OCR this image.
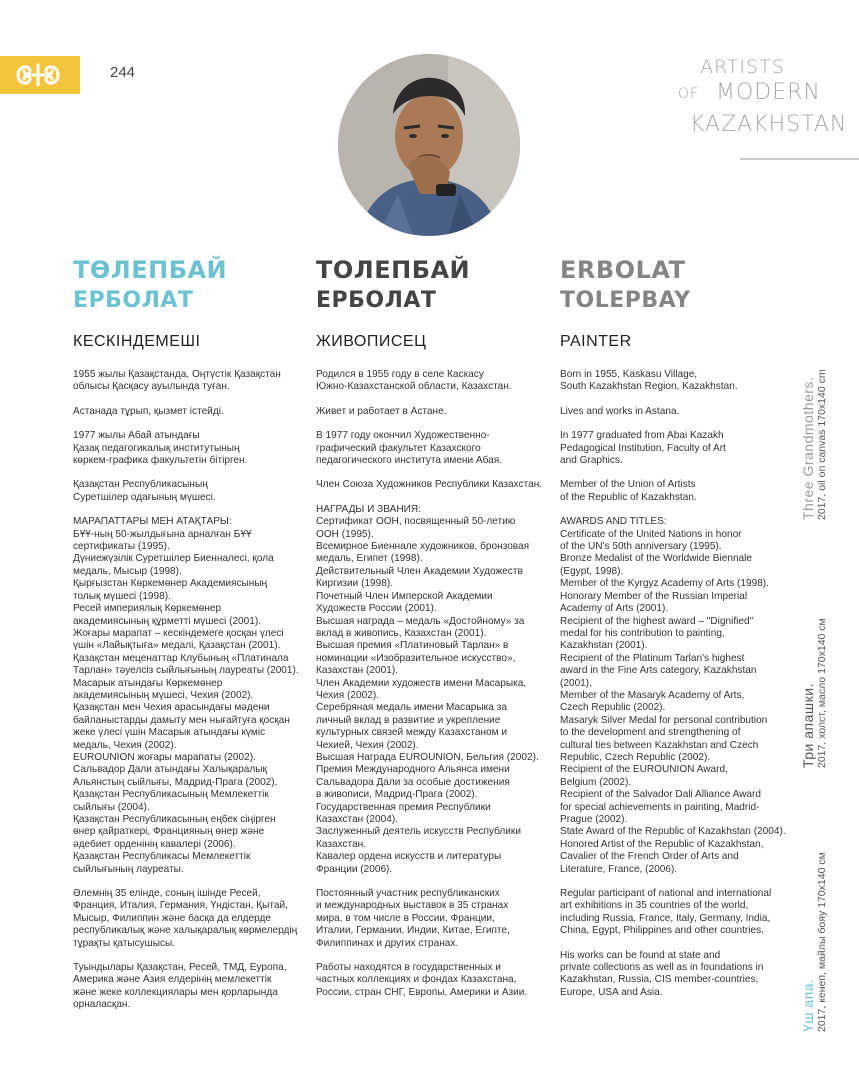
244	ARTISTS
OF MODERN
KAZAKHSTAN
ТӨЛЕПБАЙ
ЕРБОЛАТ
КЕСКІНДЕМЕШІ
ТОЛЕПБАЙ
ЕРБОЛАТ
ЖИВОПИСЕЦ
ERBOLAT
TOLEPBAY
PAINTER

1955 жылы Қазақстанда, Оңтүстік Қазақстан
облысы Қасқасу ауылында туған.

Астанада тұрып, қызмет істейді.

1977 жылы Абай атындағы
Қазақ педагогикалық институтының
көркем-графика факультетін бітірген.

Қазақстан Республикасының
Суретшілер одағының мүшесі.

МАРАПАТТАРЫ МЕН АТАҚТАРЫ:
БҰҰ-ның 50-жылдығына арналған БҰҰ
сертификаты (1995).
Дүниежүзілік Суретшілер Биенналесі, қола
медаль, Мысыр (1998).
Қырғызстан Көркемөнер Академиясының
толық мүшесі (1998).
Ресей империялық Көркемөнер
академиясының құрметті мүшесі (2001).
Жоғары марапат – кескіндемеге қосқан үлесі
үшін «Лайықтыға» медалі, Қазақстан (2001).
Қазақстан меценаттар Клубының «Платинала
Тарлан» тәуелсіз сыйлығының лауреаты (2001).
Масарык атындағы Көркемөнер
академиясының мүшесі, Чехия (2002).
Қазақстан мен Чехия арасындағы мәдени
байланыстарды дамыту мен нығайтуға қосқан
жеке үлесі үшін Масарык атындағы күміс
медаль, Чехия (2002).
EUROUNION жоғары марапаты (2002).
Сальвадор Дали атындағы Халықаралық
Альянстың сыйлығы, Мадрид-Прага (2002).
Қазақстан Республикасының Мемлекеттік
сыйлығы (2004).
Қазақстан Республикасының еңбек сіңірген
өнер қайраткері, Францияның өнер және
әдебиет орденінің кавалері (2006).
Қазақстан Республикасы Мемлекеттік
сыйлығының лауреаты.

Әлемнің 35 елінде, соның ішінде Ресей,
Франция, Италия, Германия, Үндістан, Қытай,
Мысыр, Филиппин және басқа да елдерде
республикалық және халықаралық көрмелердің
тұрақты қатысушысы.

Туындылары Қазақстан, Ресей, ТМД, Еуропа,
Америка және Азия елдерінің мемлекеттік
және жеке коллекциялары мен қорларында
орналасқан.

Родился в 1955 году в селе Каскасу
Южно-Казахстанской области, Казахстан.

Живет и работает в Астане.

В 1977 году окончил Художественно-
графический факультет Казахского
педагогического института имени Абая.

Член Союза Художников Республики Казахстан.

НАГРАДЫ И ЗВАНИЯ:
Сертификат ООН, посвященный 50-летию
ООН (1995).
Всемирное Биеннале художников, бронзовая
медаль, Египет (1998).
Действительный Член Академии Художеств
Киргизии (1998).
Почетный Член Имперской Академии
Художеств России (2001).
Высшая награда – медаль «Достойному» за
вклад в живопись, Казахстан (2001).
Высшая премия «Платиновый Тарлан» в
номинации «Изобразительное искусство»,
Казахстан (2001).
Член Академии художеств имени Масарыка,
Чехия (2002).
Серебряная медаль имени Масарыка за
личный вклад в развитие и укрепление
культурных связей между Казахстаном и
Чехией, Чехия (2002).
Высшая Награда EUROUNION, Бельгия (2002).
Премия Международного Альянса имени
Сальвадора Дали за особые достижения
в живописи, Мадрид-Прага (2002).
Государственная премия Республики
Казахстан (2004).
Заслуженный деятель искусств Республики
Казахстан.
Кавалер ордена искусств и литературы
Франции (2006).

Постоянный участник республиканских
и международных выставок в 35 странах
мира, в том числе в России, Франции,
Италии, Германии, Индии, Китае, Египте,
Филиппинах и других странах.

Работы находятся в государственных и
частных коллекциях и фондах Казахстана,
России, стран СНГ, Европы, Америки и Азии.

Born in 1955, Kaskasu Village,
South Kazakhstan Region, Kazakhstan.

Lives and works in Astana.

In 1977 graduated from Abai Kazakh
Pedagogical Institution, Faculty of Art
and Graphics.

Member of the Union of Artists
of the Republic of Kazakhstan.

AWARDS AND TITLES:
Certificate of the United Nations in honor
of the UN's 50th anniversary (1995).
Bronze Medalist of the Worldwide Biennale
(Egypt, 1998).
Member of the Kyrgyz Academy of Arts (1998).
Honorary Member of the Russian Imperial
Academy of Arts (2001).
Recipient of the highest award – "Dignified"
medal for his contribution to painting,
Kazakhstan (2001).
Recipient of the Platinum Tarlan's highest
award in the Fine Arts category, Kazakhstan
(2001).
Member of the Masaryk Academy of Arts,
Czech Republic (2002).
Masaryk Silver Medal for personal contribution
to the development and strengthening of
cultural ties between Kazakhstan and Czech
Republic, Czech Republic (2002).
Recipient of the EUROUNION Award,
Belgium (2002).
Recipient of the Salvador Dali Alliance Award
for special achievements in painting, Madrid-
Prague (2002).
State Award of the Republic of Kazakhstan (2004).
Honored Artist of the Republic of Kazakhstan,
Cavalier of the French Order of Arts and
Literature, France, (2006).

Regular participant of national and international
art exhibitions in 35 countries of the world,
including Russia, France, Italy, Germany, India,
China, Egypt, Philippines and other countries.

His works can be found at state and
private collections as well as in foundations in
Kazakhstan, Russia, CIS member-countries,
Europe, USA and Asia.

Three Grandmothers. 2017, oil on canvas 170x140 cm
Три апашки. 2017, холст, масло 170x140 см
Үш апа. 2017, кенеп, майлы бояу 170x140 см
